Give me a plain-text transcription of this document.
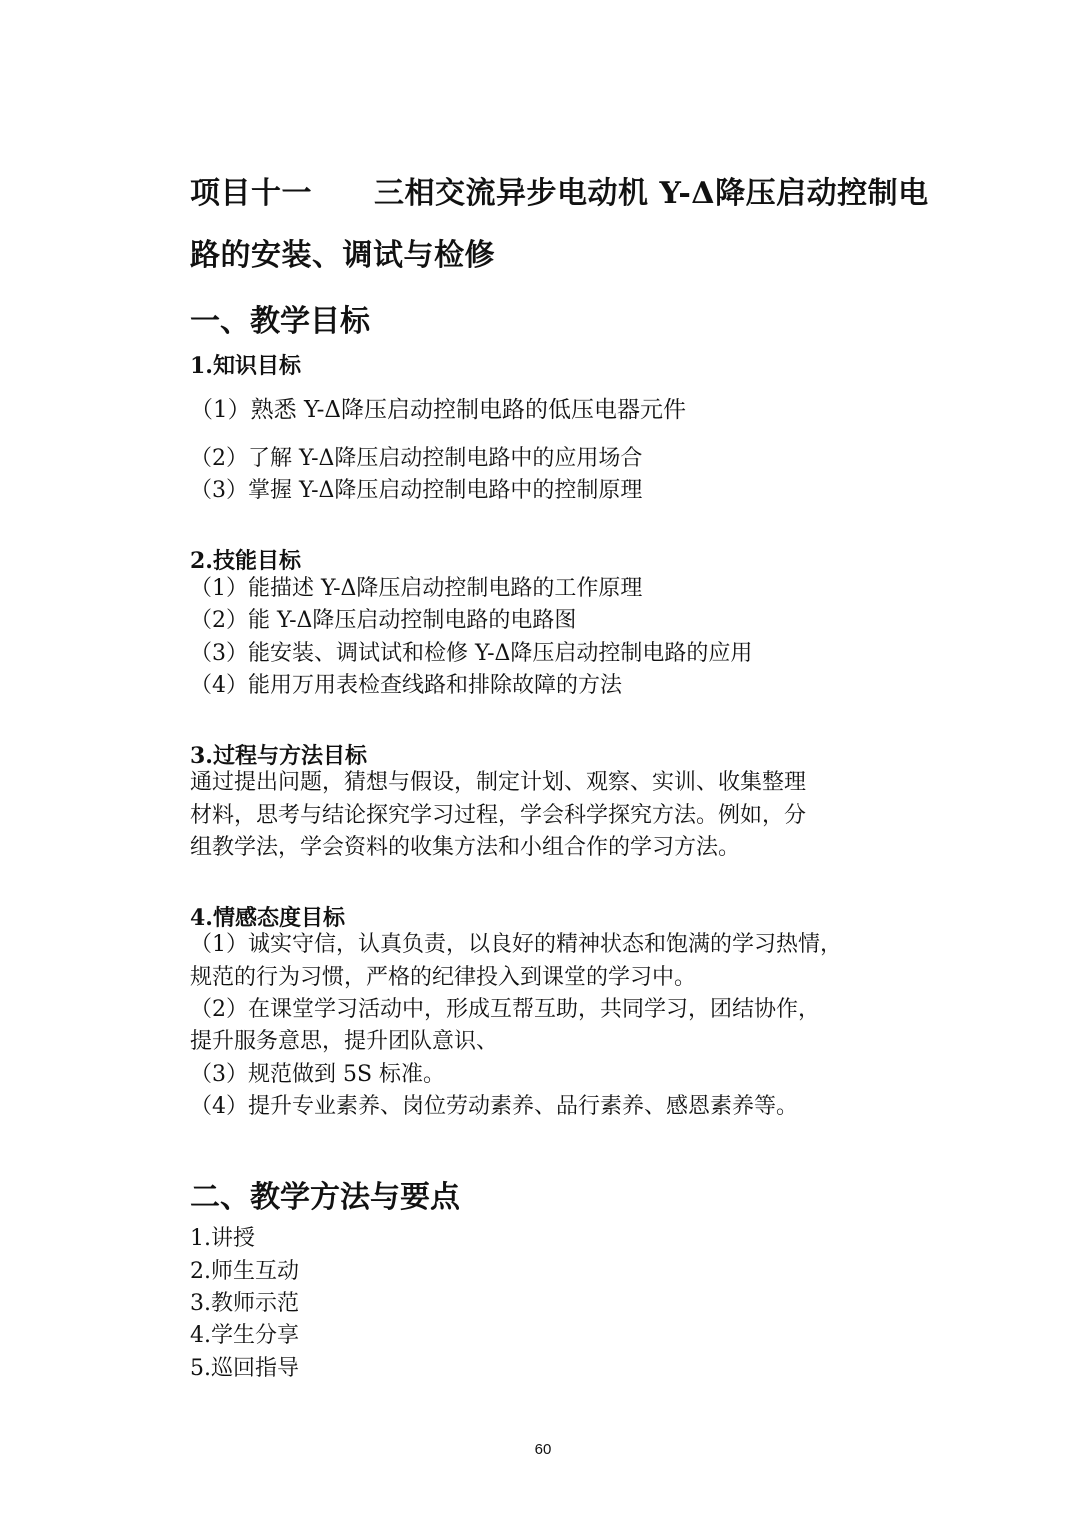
项目十一 三相交流异步电动机 Y-Δ降压启动控制电
路的安装、调试与检修
一、教学目标
1.知识目标
（1）熟悉 Y-Δ降压启动控制电路的低压电器元件
（2）了解 Y-Δ降压启动控制电路中的应用场合
（3）掌握 Y-Δ降压启动控制电路中的控制原理
2.技能目标
（1）能描述 Y-Δ降压启动控制电路的工作原理
（2）能 Y-Δ降压启动控制电路的电路图
（3）能安装、调试试和检修 Y-Δ降压启动控制电路的应用
（4）能用万用表检查线路和排除故障的方法
3.过程与方法目标
通过提出问题，猜想与假设，制定计划、观察、实训、收集整理
材料，思考与结论探究学习过程，学会科学探究方法。例如，分
组教学法，学会资料的收集方法和小组合作的学习方法。
4.情感态度目标
（1）诚实守信，认真负责，以良好的精神状态和饱满的学习热情，
规范的行为习惯，严格的纪律投入到课堂的学习中。
（2）在课堂学习活动中，形成互帮互助，共同学习，团结协作，
提升服务意思，提升团队意识、
（3）规范做到 5S 标准。
（4）提升专业素养、岗位劳动素养、品行素养、感恩素养等。
二、教学方法与要点
1.讲授
2.师生互动
3.教师示范
4.学生分享
5.巡回指导
60
